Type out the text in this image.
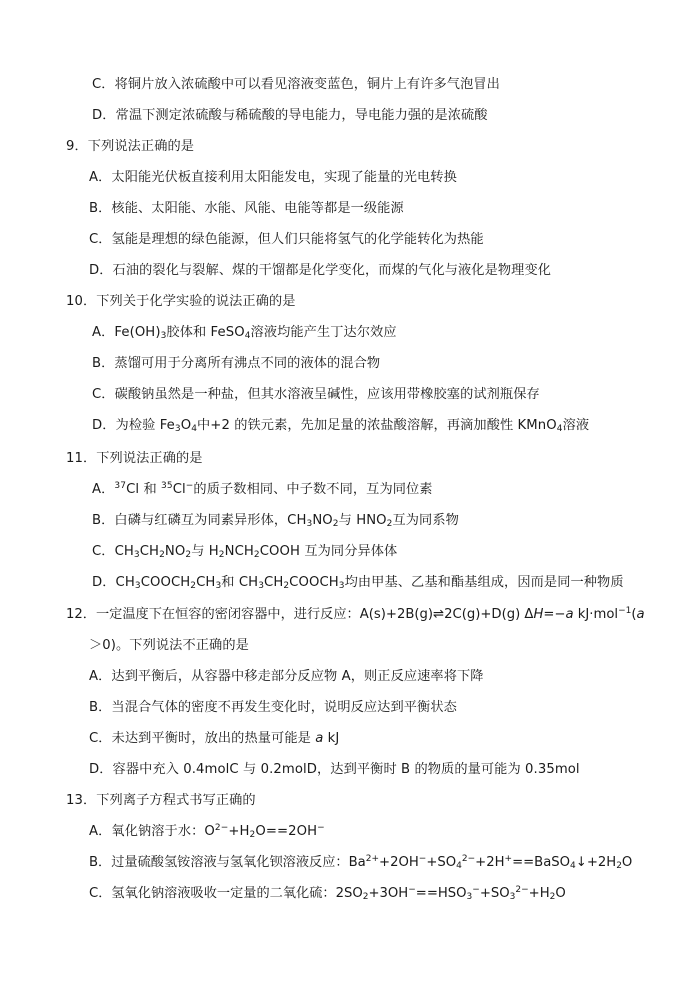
C．将铜片放入浓硫酸中可以看见溶液变蓝色，铜片上有许多气泡冒出
D．常温下测定浓硫酸与稀硫酸的导电能力，导电能力强的是浓硫酸
9．下列说法正确的是
A．太阳能光伏板直接利用太阳能发电，实现了能量的光电转换
B．核能、太阳能、水能、风能、电能等都是一级能源
C．氢能是理想的绿色能源，但人们只能将氢气的化学能转化为热能
D．石油的裂化与裂解、煤的干馏都是化学变化，而煤的气化与液化是物理变化
10．下列关于化学实验的说法正确的是
A．$Fe(OH)_3$胶体和 FeSO$_4$溶液均能产生丁达尔效应
B．蒸馏可用于分离所有沸点不同的液体的混合物
C．碳酸钠虽然是一种盐，但其水溶液呈碱性，应该用带橡胶塞的试剂瓶保存
D．为检验 $Fe_3O_4$中+2 的铁元素，先加足量的浓盐酸溶解，再滴加酸性 KMnO$_4$溶液
11．下列说法正确的是
A．$^{37}$Cl 和 $^{35}$Cl−的质子数相同、中子数不同，互为同位素
B．白磷与红磷互为同素异形体，$CH_3NO_2$与 $HNO_2$互为同系物
C．$CH_3CH_2NO_2$与 $H_2NCH_2COOH$ 互为同分异体体
D．$CH_3COOCH_2CH_3$和 $CH_3CH_2COOCH_3$均由甲基、乙基和酯基组成，因而是同一种物质
12．一定温度下在恒容的密闭容器中，进行反应：A(s)+2B(g)⇌2C(g)+D(g) ΔH=−a kJ·mol$^{-1}$(a
＞0)。下列说法不正确的是
A．达到平衡后，从容器中移走部分反应物 A，则正反应速率将下降
B．当混合气体的密度不再发生变化时，说明反应达到平衡状态
C．未达到平衡时，放出的热量可能是 a kJ
D．容器中充入 0.4molC 与 0.2molD，达到平衡时 B 的物质的量可能为 0.35mol
13．下列离子方程式书写正确的
A．氧化钠溶于水：$O^{2-}+H_2O==2OH^-$
B．过量硫酸氢铵溶液与氢氧化钡溶液反应：$Ba^{2+}+2OH^-+SO_4^{2-}+2H^+==BaSO_4↓+2H_2O$
C．氢氧化钠溶液吸收一定量的二氧化硫：$2SO_2+3OH^-==HSO_3^-+SO_3^{2-}+H_2O$
